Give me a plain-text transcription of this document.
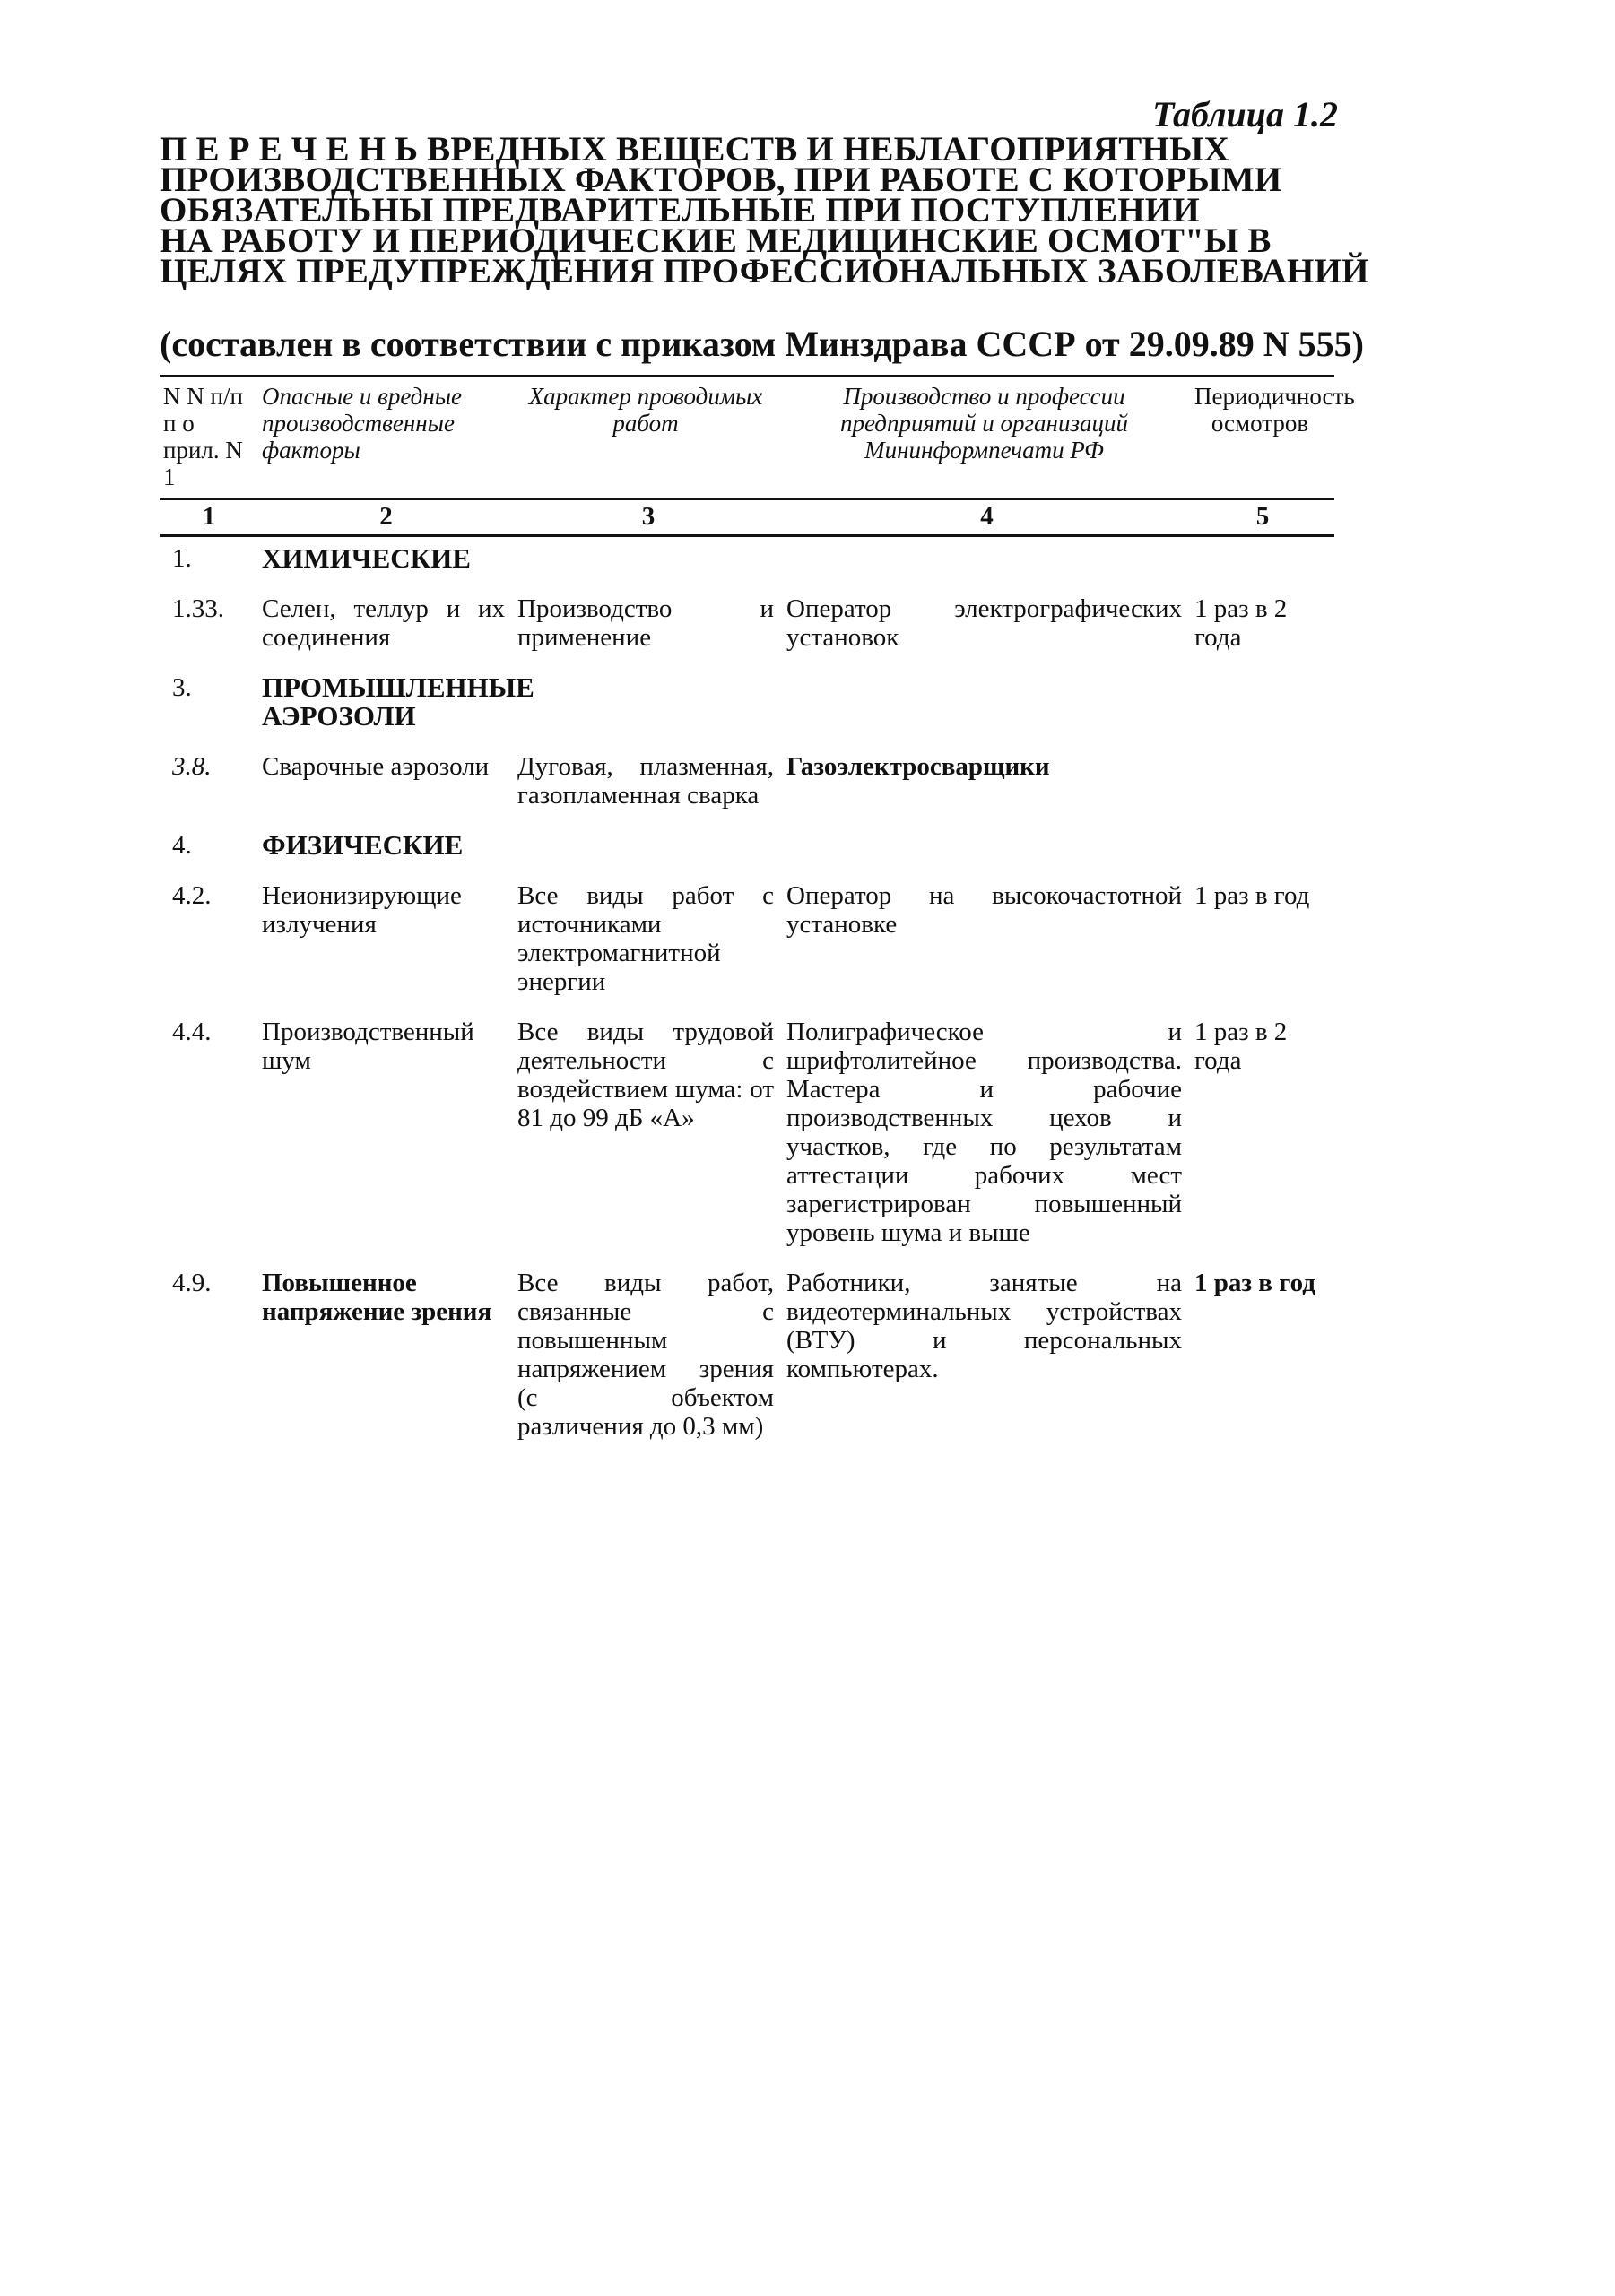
Таблица 1.2
П Е Р Е Ч Е Н Ь ВРЕДНЫХ ВЕЩЕСТВ И НЕБЛАГОПРИЯТНЫХ
ПРОИЗВОДСТВЕННЫХ ФАКТОРОВ, ПРИ РАБОТЕ С КОТОРЫМИ
ОБЯЗАТЕЛЬНЫ ПРЕДВАРИТЕЛЬНЫЕ ПРИ ПОСТУПЛЕНИИ
НА РАБОТУ И ПЕРИОДИЧЕСКИЕ МЕДИЦИНСКИЕ ОСМОТ"Ы В
ЦЕЛЯХ ПРЕДУПРЕЖДЕНИЯ ПРОФЕССИОНАЛЬНЫХ ЗАБОЛЕВАНИЙ
(составлен в соответствии с приказом Минздрава СССР от 29.09.89 N 555)
N N п/п п о прил. N 1	Опасные и вредные производственные факторы	Характер проводимых работ	Производство и профессии предприятий и организаций Мининформпечати РФ	Периодичность осмотров
1	2	3	4	5
1.	ХИМИЧЕСКИЕ			
1.33.	Селен, теллур и их соединения	Производство и применение	Оператор электрографических установок	1 раз в 2 года
3.	ПРОМЫШЛЕННЫЕ АЭРОЗОЛИ			
3.8.	Сварочные аэрозоли	Дуговая, плазменная, газопламенная сварка	Газоэлектросварщики	
4.	ФИЗИЧЕСКИЕ			
4.2.	Неионизирующие излучения	Все виды работ с источниками электромагнитной энергии	Оператор на высокочастотной установке	1 раз в год
4.4.	Производственный шум	Все виды трудовой деятельности с воздействием шума: от 81 до 99 дБ «А»	Полиграфическое и шрифтолитейное производства. Мастера и рабочие производственных цехов и участков, где по результатам аттестации рабочих мест зарегистрирован повышенный уровень шума и выше	1 раз в 2 года
4.9.	Повышенное напряжение зрения	Все виды работ, связанные с повышенным напряжением зрения (с объектом различения до 0,3 мм)	Работники, занятые на видеотерминальных устройствах (ВТУ) и персональных компьютерах.	1 раз в год
